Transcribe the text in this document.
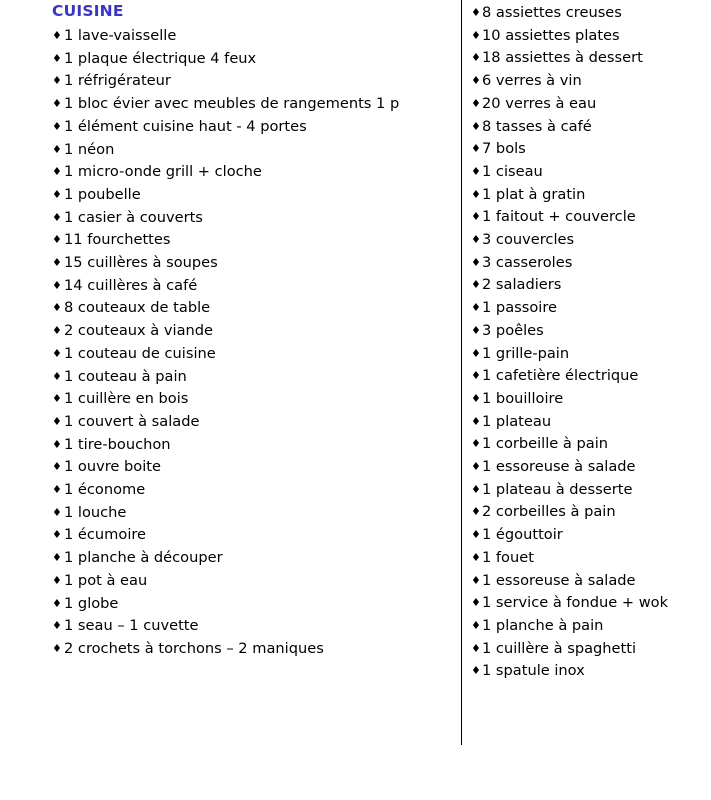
CUISINE
♦ 1 lave-vaisselle
♦ 1 plaque électrique 4 feux
♦ 1 réfrigérateur
♦ 1 bloc évier avec meubles de rangements 1 p
♦ 1 élément cuisine haut - 4 portes
♦ 1 néon
♦ 1 micro-onde grill + cloche
♦ 1 poubelle
♦ 1 casier à couverts
♦ 11 fourchettes
♦ 15 cuillères à soupes
♦ 14 cuillères à café
♦ 8 couteaux de table
♦ 2 couteaux à viande
♦ 1 couteau de cuisine
♦ 1 couteau à pain
♦ 1 cuillère en bois
♦ 1 couvert à salade
♦ 1 tire-bouchon
♦ 1 ouvre boite
♦ 1 économe
♦ 1 louche
♦ 1 écumoire
♦ 1 planche à découper
♦ 1 pot à eau
♦ 1 globe
♦ 1 seau – 1 cuvette
♦ 2 crochets à torchons – 2 maniques
♦ 8 assiettes creuses
♦ 10 assiettes plates
♦ 18 assiettes à dessert
♦ 6 verres à vin
♦ 20 verres à eau
♦ 8 tasses à café
♦ 7 bols
♦ 1 ciseau
♦ 1 plat à gratin
♦ 1 faitout + couvercle
♦ 3 couvercles
♦ 3 casseroles
♦ 2 saladiers
♦ 1 passoire
♦ 3 poêles
♦ 1 grille-pain
♦ 1 cafetière électrique
♦ 1 bouilloire
♦ 1 plateau
♦ 1 corbeille à pain
♦ 1 essoreuse à salade
♦ 1 plateau à desserte
♦ 2 corbeilles à pain
♦ 1 égouttoir
♦ 1 fouet
♦ 1 essoreuse à salade
♦ 1 service à fondue + wok
♦ 1 planche à pain
♦ 1 cuillère à spaghetti
♦ 1 spatule inox
